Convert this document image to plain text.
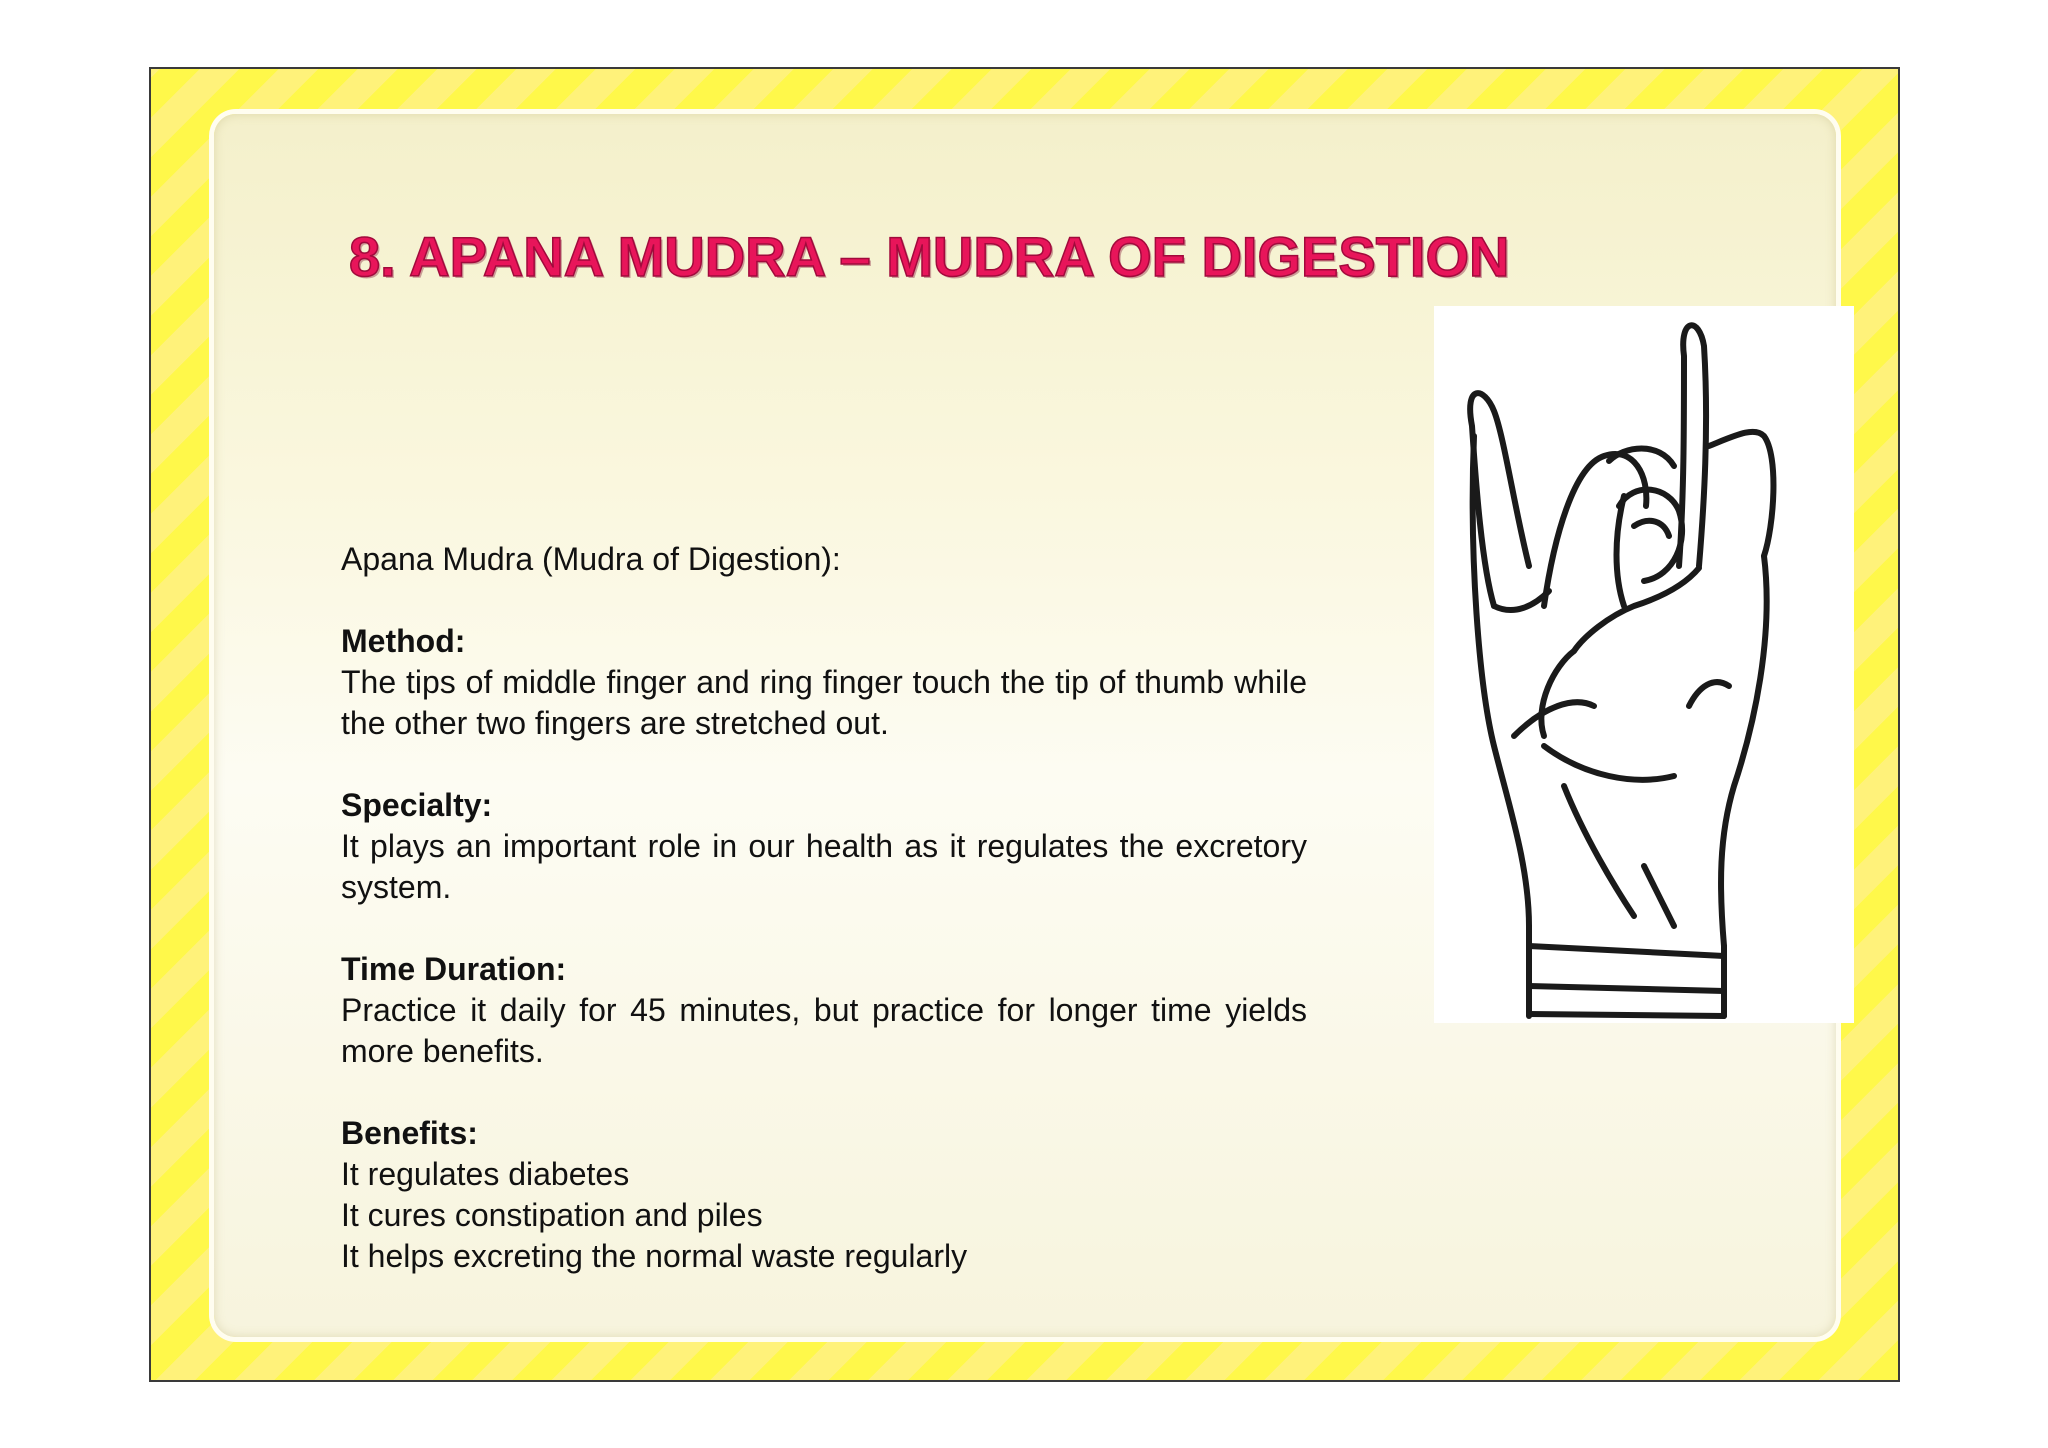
8. APANA MUDRA – MUDRA OF DIGESTION

Apana Mudra (Mudra of Digestion):

Method:

The tips of middle finger and ring finger touch the tip of thumb while the other two fingers are stretched out.

Specialty:

It plays an important role in our health as it regulates the excretory system.

Time Duration:

Practice it daily for 45 minutes, but practice for longer time yields more benefits.

Benefits:

It regulates diabetes

It cures constipation and piles

It helps excreting the normal waste regularly
